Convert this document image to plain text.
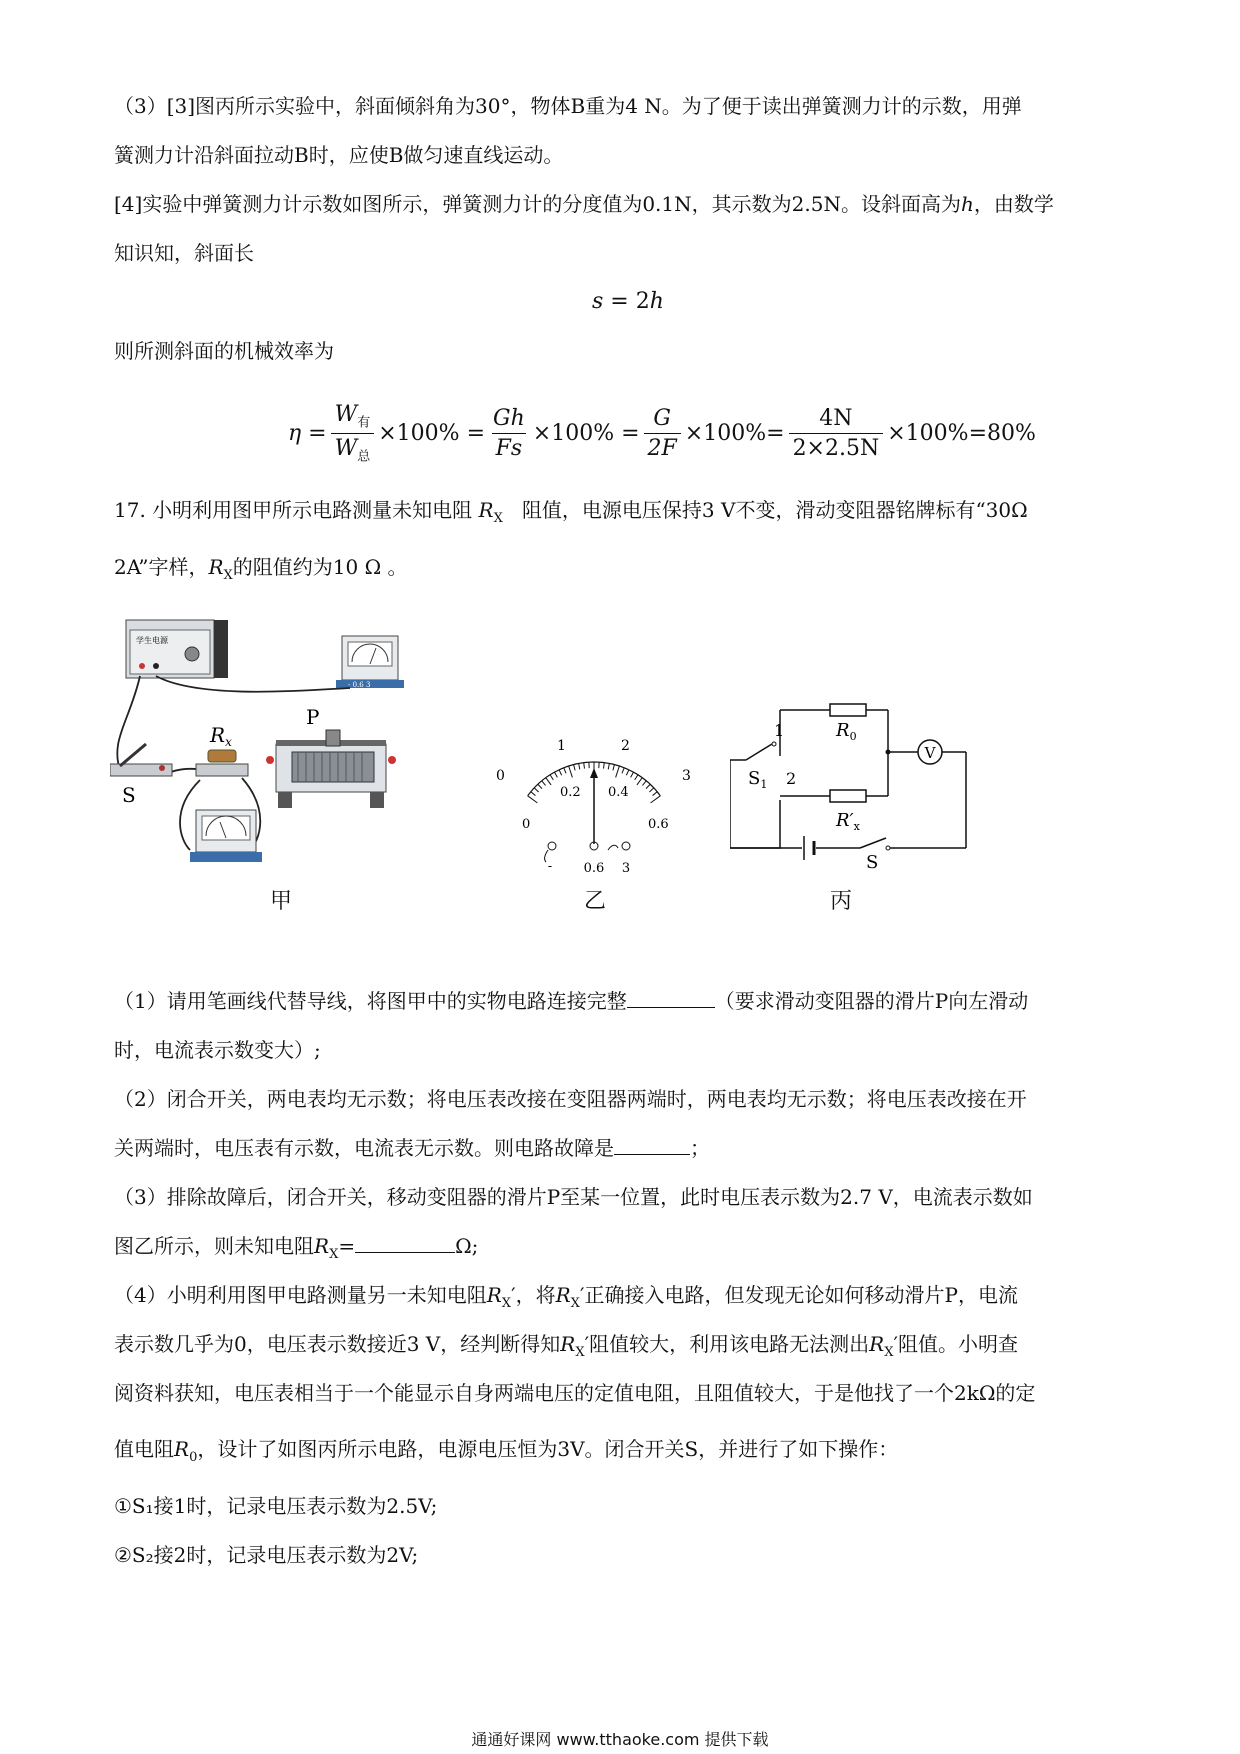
（3）[3]图丙所示实验中，斜面倾斜角为30°，物体B重为4 N。为了便于读出弹簧测力计的示数，用弹
簧测力计沿斜面拉动B时，应使B做匀速直线运动。
[4]实验中弹簧测力计示数如图所示，弹簧测力计的分度值为0.1N，其示数为2.5N。设斜面高为h，由数学
知识知，斜面长
s = 2h
则所测斜面的机械效率为
$\eta = \frac{W_有}{W_总} \times 100\% = \frac{Gh}{Fs} \times 100\% = \frac{G}{2F} \times 100\%= \frac{4N}{2\times 2.5N} \times 100\%=80\%$
17. 小明利用图甲所示电路测量未知电阻 $R_X$ 阻值，电源电压保持3 V不变，滑动变阻器铭牌标有“30Ω
2A”字样，$R_X$的阻值约为10 Ω 。
学生电源
- 0.6 3
S
$R_x$
P
甲
0
1	2
3
0
0.2 0.4
0.6
- 0.6 3
乙
$R_0$
$R'_x$
V
1
2
$S_1$
S
丙
（1）请用笔画线代替导线，将图甲中的实物电路连接完整	（要求滑动变阻器的滑片P向左滑动
时，电流表示数变大）;
（2）闭合开关，两电表均无示数；将电压表改接在变阻器两端时，两电表均无示数；将电压表改接在开
关两端时，电压表有示数，电流表无示数。则电路故障是	；
（3）排除故障后，闭合开关，移动变阻器的滑片P至某一位置，此时电压表示数为2.7 V，电流表示数如
图乙所示，则未知电阻$R_X=$	Ω;
（4）小明利用图甲电路测量另一未知电阻$R_X'$，将$R_X'$正确接入电路，但发现无论如何移动滑片P，电流
表示数几乎为0，电压表示数接近3 V，经判断得知$R_X'$阻值较大，利用该电路无法测出$R_X'$阻值。小明查
阅资料获知，电压表相当于一个能显示自身两端电压的定值电阻，且阻值较大，于是他找了一个2kΩ的定
值电阻$R_0$，设计了如图丙所示电路，电源电压恒为3V。闭合开关S，并进行了如下操作：
①S₁接1时，记录电压表示数为2.5V;
②S₂接2时，记录电压表示数为2V;
通通好课网 www.tthaoke.com 提供下载
